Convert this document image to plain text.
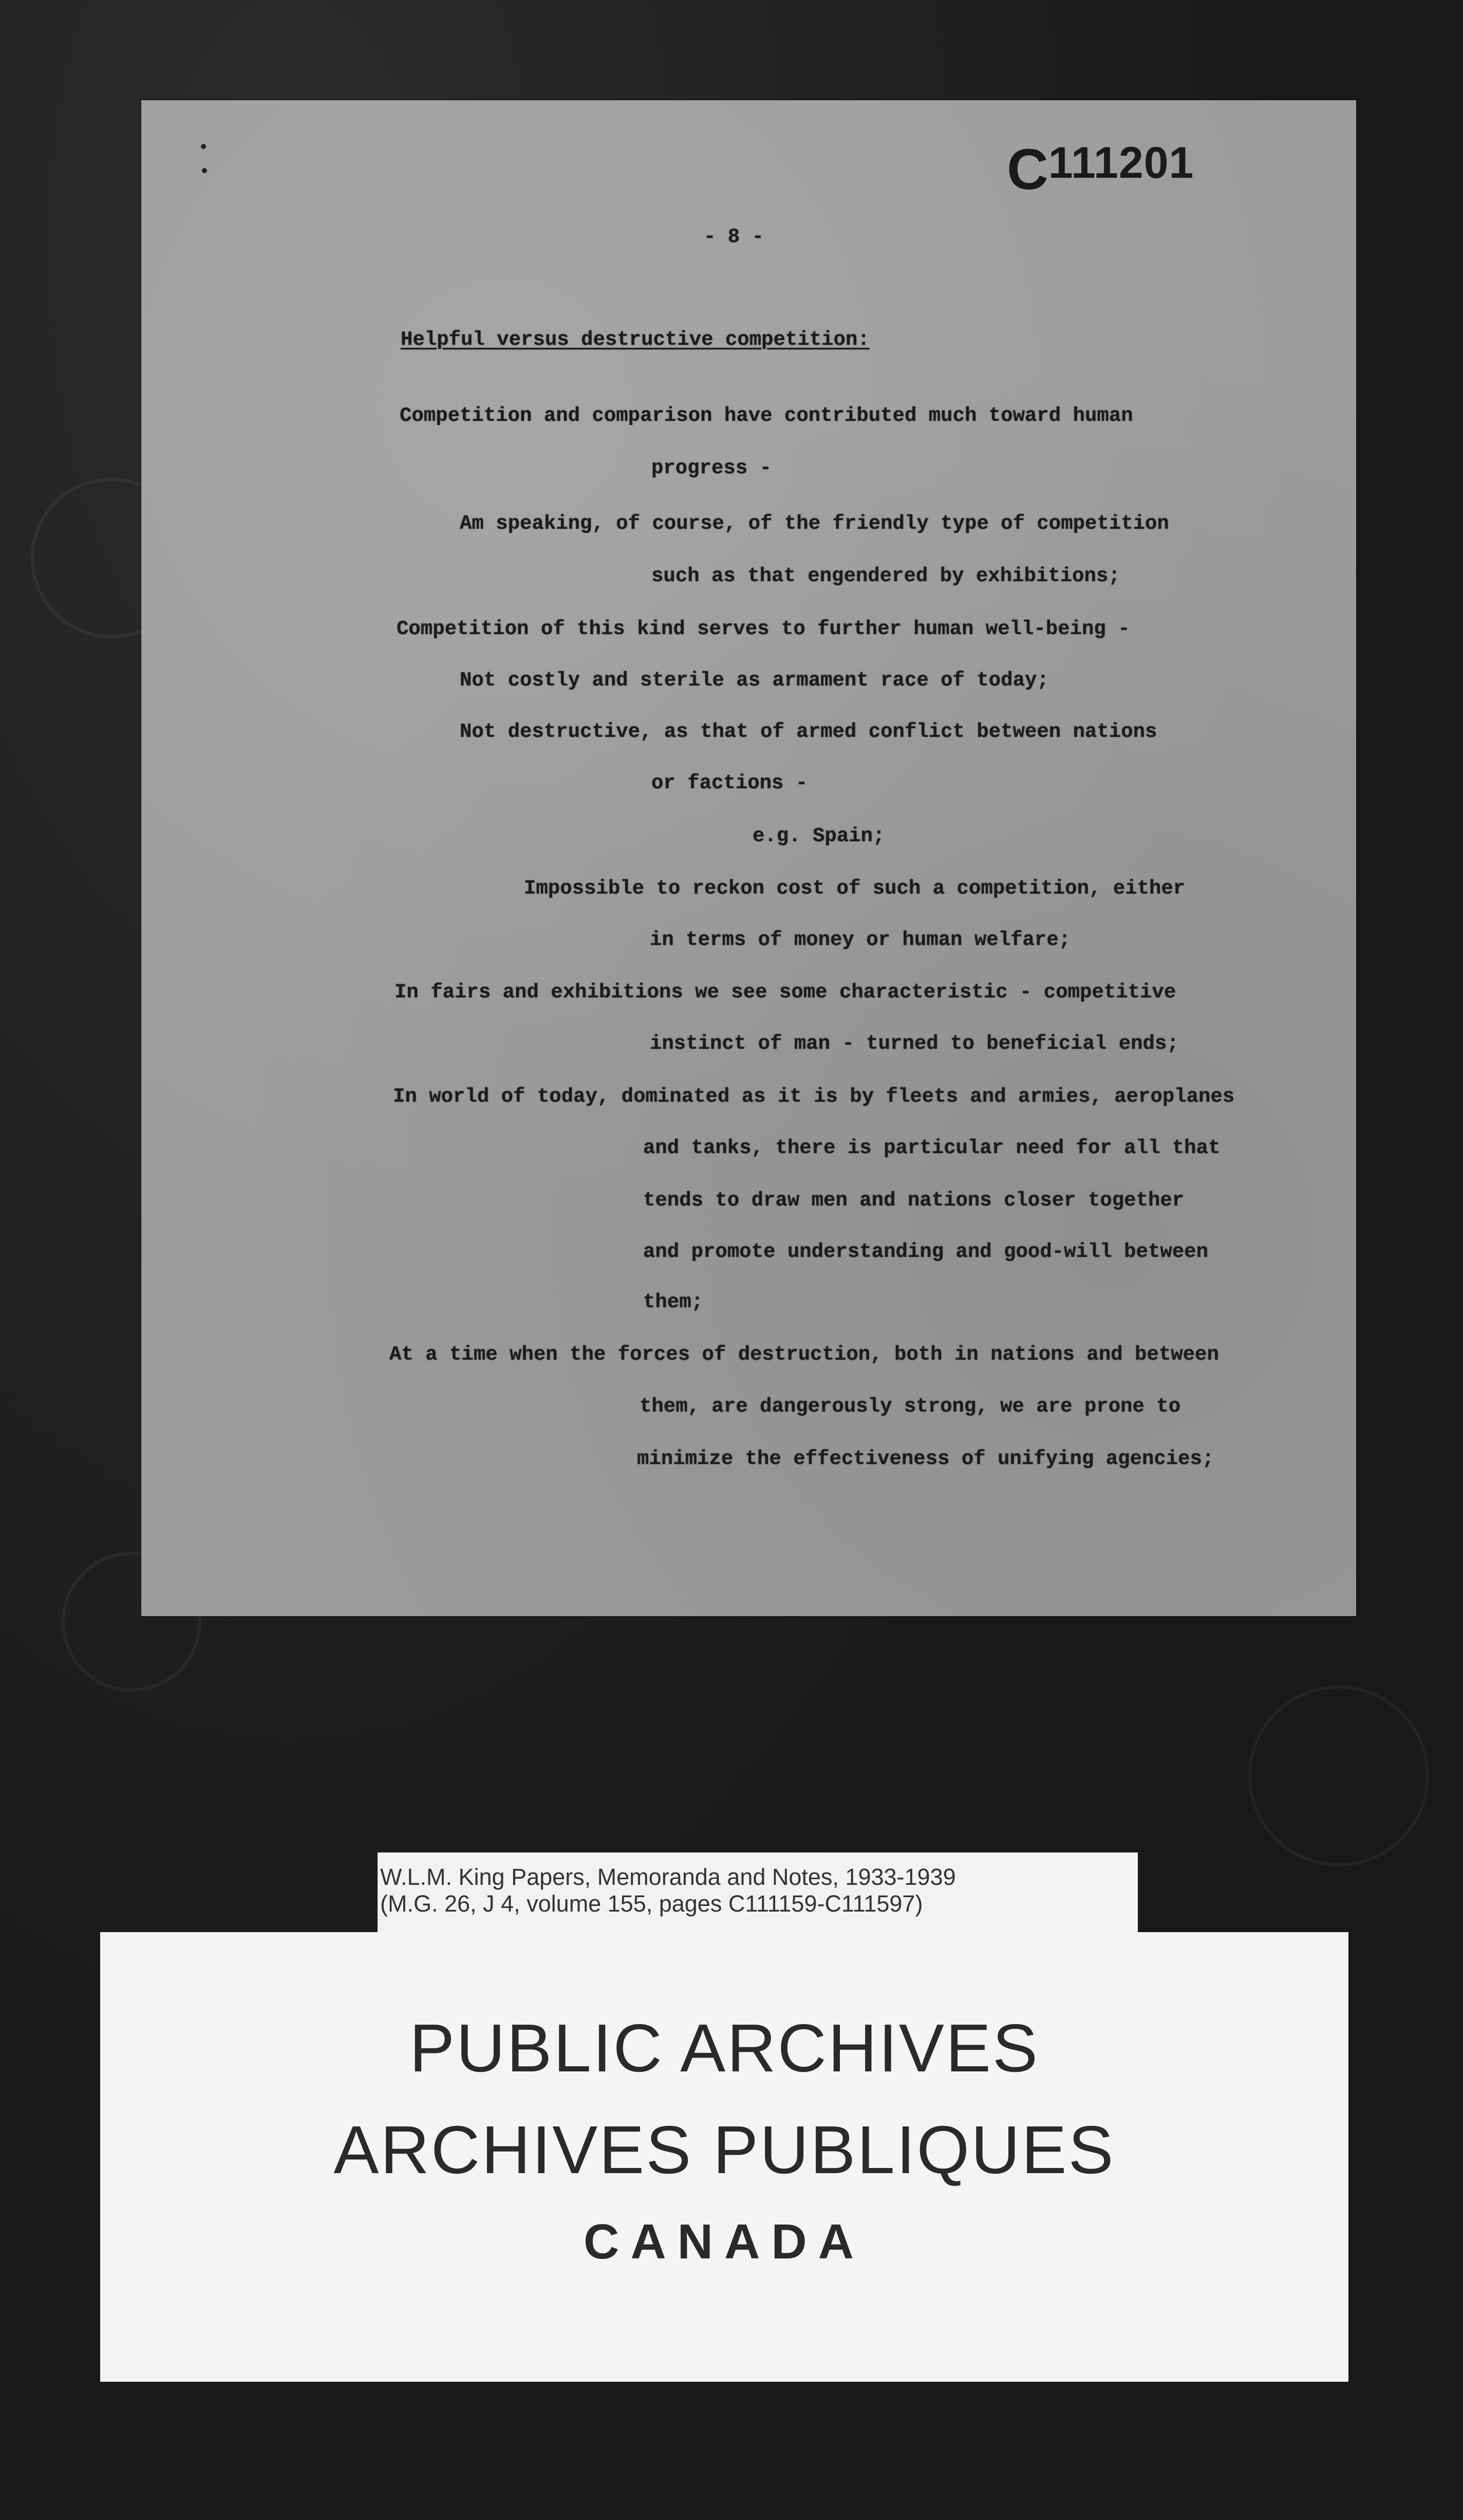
C111201
- 8 -
Helpful versus destructive competition:
Competition and comparison have contributed much toward human
progress -
Am speaking, of course, of the friendly type of competition
such as that engendered by exhibitions;
Competition of this kind serves to further human well-being -
Not costly and sterile as armament race of today;
Not destructive, as that of armed conflict between nations
or factions -
e.g. Spain;
Impossible to reckon cost of such a competition, either
in terms of money or human welfare;
In fairs and exhibitions we see some characteristic - competitive
instinct of man - turned to beneficial ends;
In world of today, dominated as it is by fleets and armies, aeroplanes
and tanks, there is particular need for all that
tends to draw men and nations closer together
and promote understanding and good-will between
them;
At a time when the forces of destruction, both in nations and between
them, are dangerously strong, we are prone to
minimize the effectiveness of unifying agencies;
W.L.M. King Papers, Memoranda and Notes, 1933-1939
(M.G. 26, J 4, volume 155, pages C111159-C111597)
PUBLIC ARCHIVES
ARCHIVES PUBLIQUES
CANADA
